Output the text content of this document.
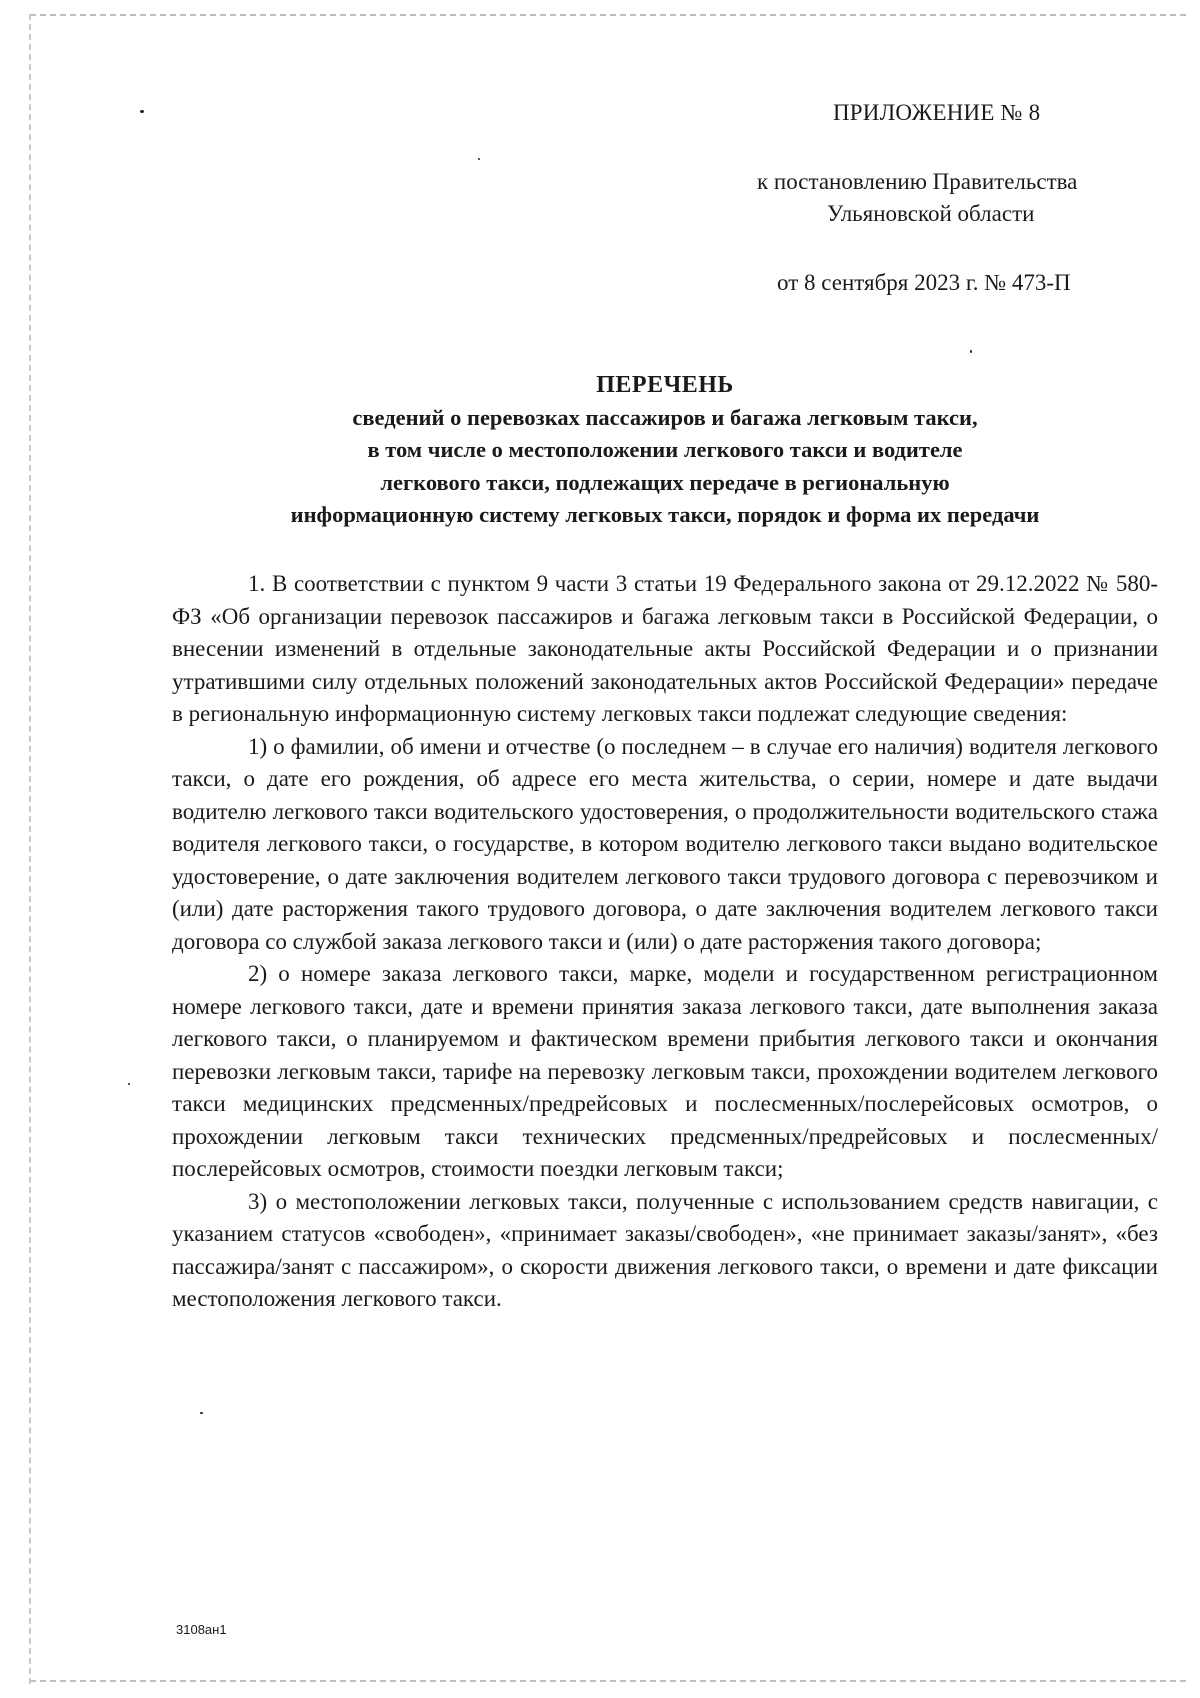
ПРИЛОЖЕНИЕ № 8
к постановлению Правительства
Ульяновской области
от 8 сентября 2023 г. № 473-П
ПЕРЕЧЕНЬ
сведений о перевозках пассажиров и багажа легковым такси,
в том числе о местоположении легкового такси и водителе
легкового такси, подлежащих передаче в региональную
информационную систему легковых такси, порядок и форма их передачи

1. В соответствии с пунктом 9 части 3 статьи 19 Федерального закона от 29.12.2022 № 580-ФЗ «Об организации перевозок пассажиров и багажа легковым такси в Российской Федерации, о внесении изменений в отдельные законодательные акты Российской Федерации и о признании утратившими силу отдельных положений законодательных актов Российской Федерации» передаче в региональную информационную систему легковых такси подлежат следующие сведения:

1) о фамилии, об имени и отчестве (о последнем – в случае его наличия) водителя легкового такси, о дате его рождения, об адресе его места жительства, о серии, номере и дате выдачи водителю легкового такси водительского удостоверения, о продолжительности водительского стажа водителя легкового такси, о государстве, в котором водителю легкового такси выдано водительское удостоверение, о дате заключения водителем легкового такси трудового договора с перевозчиком и (или) дате расторжения такого трудового договора, о дате заключения водителем легкового такси договора со службой заказа легкового такси и (или) о дате расторжения такого договора;

2) о номере заказа легкового такси, марке, модели и государственном регистрационном номере легкового такси, дате и времени принятия заказа легкового такси, дате выполнения заказа легкового такси, о планируемом и фактическом времени прибытия легкового такси и окончания перевозки легковым такси, тарифе на перевозку легковым такси, прохождении водителем легкового такси медицинских предсменных/предрейсовых и послесменных/послерейсовых осмотров, о прохождении легковым такси технических предсменных/предрейсовых и послесменных/послерейсовых осмотров, стоимости поездки легковым такси;

3) о местоположении легковых такси, полученные с использованием средств навигации, с указанием статусов «свободен», «принимает заказы/свободен», «не принимает заказы/занят», «без пассажира/занят с пассажиром», о скорости движения легкового такси, о времени и дате фиксации местоположения легкового такси.

3108ан1
